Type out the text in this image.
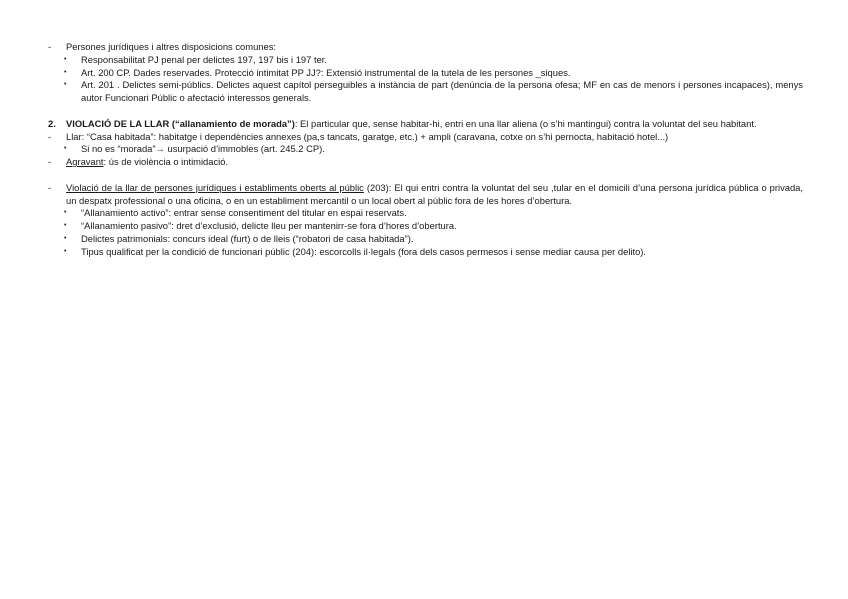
- Persones jurídiques i altres disposicions comunes:
• Responsabilitat PJ penal per delictes 197, 197 bis i 197 ter.
• Art. 200 CP. Dades reservades. Protecció intimitat PP JJ?: Extensió instrumental de la tutela de les persones _siques.
• Art. 201 . Delictes semi-públics. Delictes aquest capítol perseguibles a instància de part (denúncia de la persona ofesa; MF en cas de menors i persones incapaces), menys autor Funcionari Públic o afectació interessos generals.
2. VIOLACIÓ DE LA LLAR (“allanamiento de morada”): El particular que, sense habitar-hi, entri en una llar aliena (o s’hi mantingui) contra la voluntat del seu habitant.
- Llar: “Casa habitada”: habitatge i dependències annexes (pa,s tancats, garatge, etc.) + ampli (caravana, cotxe on s’hi pernocta, habitació hotel...)
• Si no es “morada”→ usurpació d’immobles (art. 245.2 CP).
- Agravant: ús de violència o intimidació.
- Violació de la llar de persones jurídiques i establiments oberts al públic (203): El qui entri contra la voluntat del seu ,tular en el domicili d’una persona jurídica pública o privada, un despatx professional o una oficina, o en un establiment mercantil o un local obert al públic fora de les hores d’obertura.
• “Allanamiento activo”: entrar sense consentiment del titular en espai reservats.
• “Allanamiento pasivo”: dret d’exclusió, delicte lleu per mantenirr-se fora d’hores d’obertura.
• Delictes patrimonials: concurs ideal (furt) o de lleis (“robatori de casa habitada”).
• Tipus qualificat per la condició de funcionari públic (204): escorcolls il·legals (fora dels casos permesos i sense mediar causa per delito).
